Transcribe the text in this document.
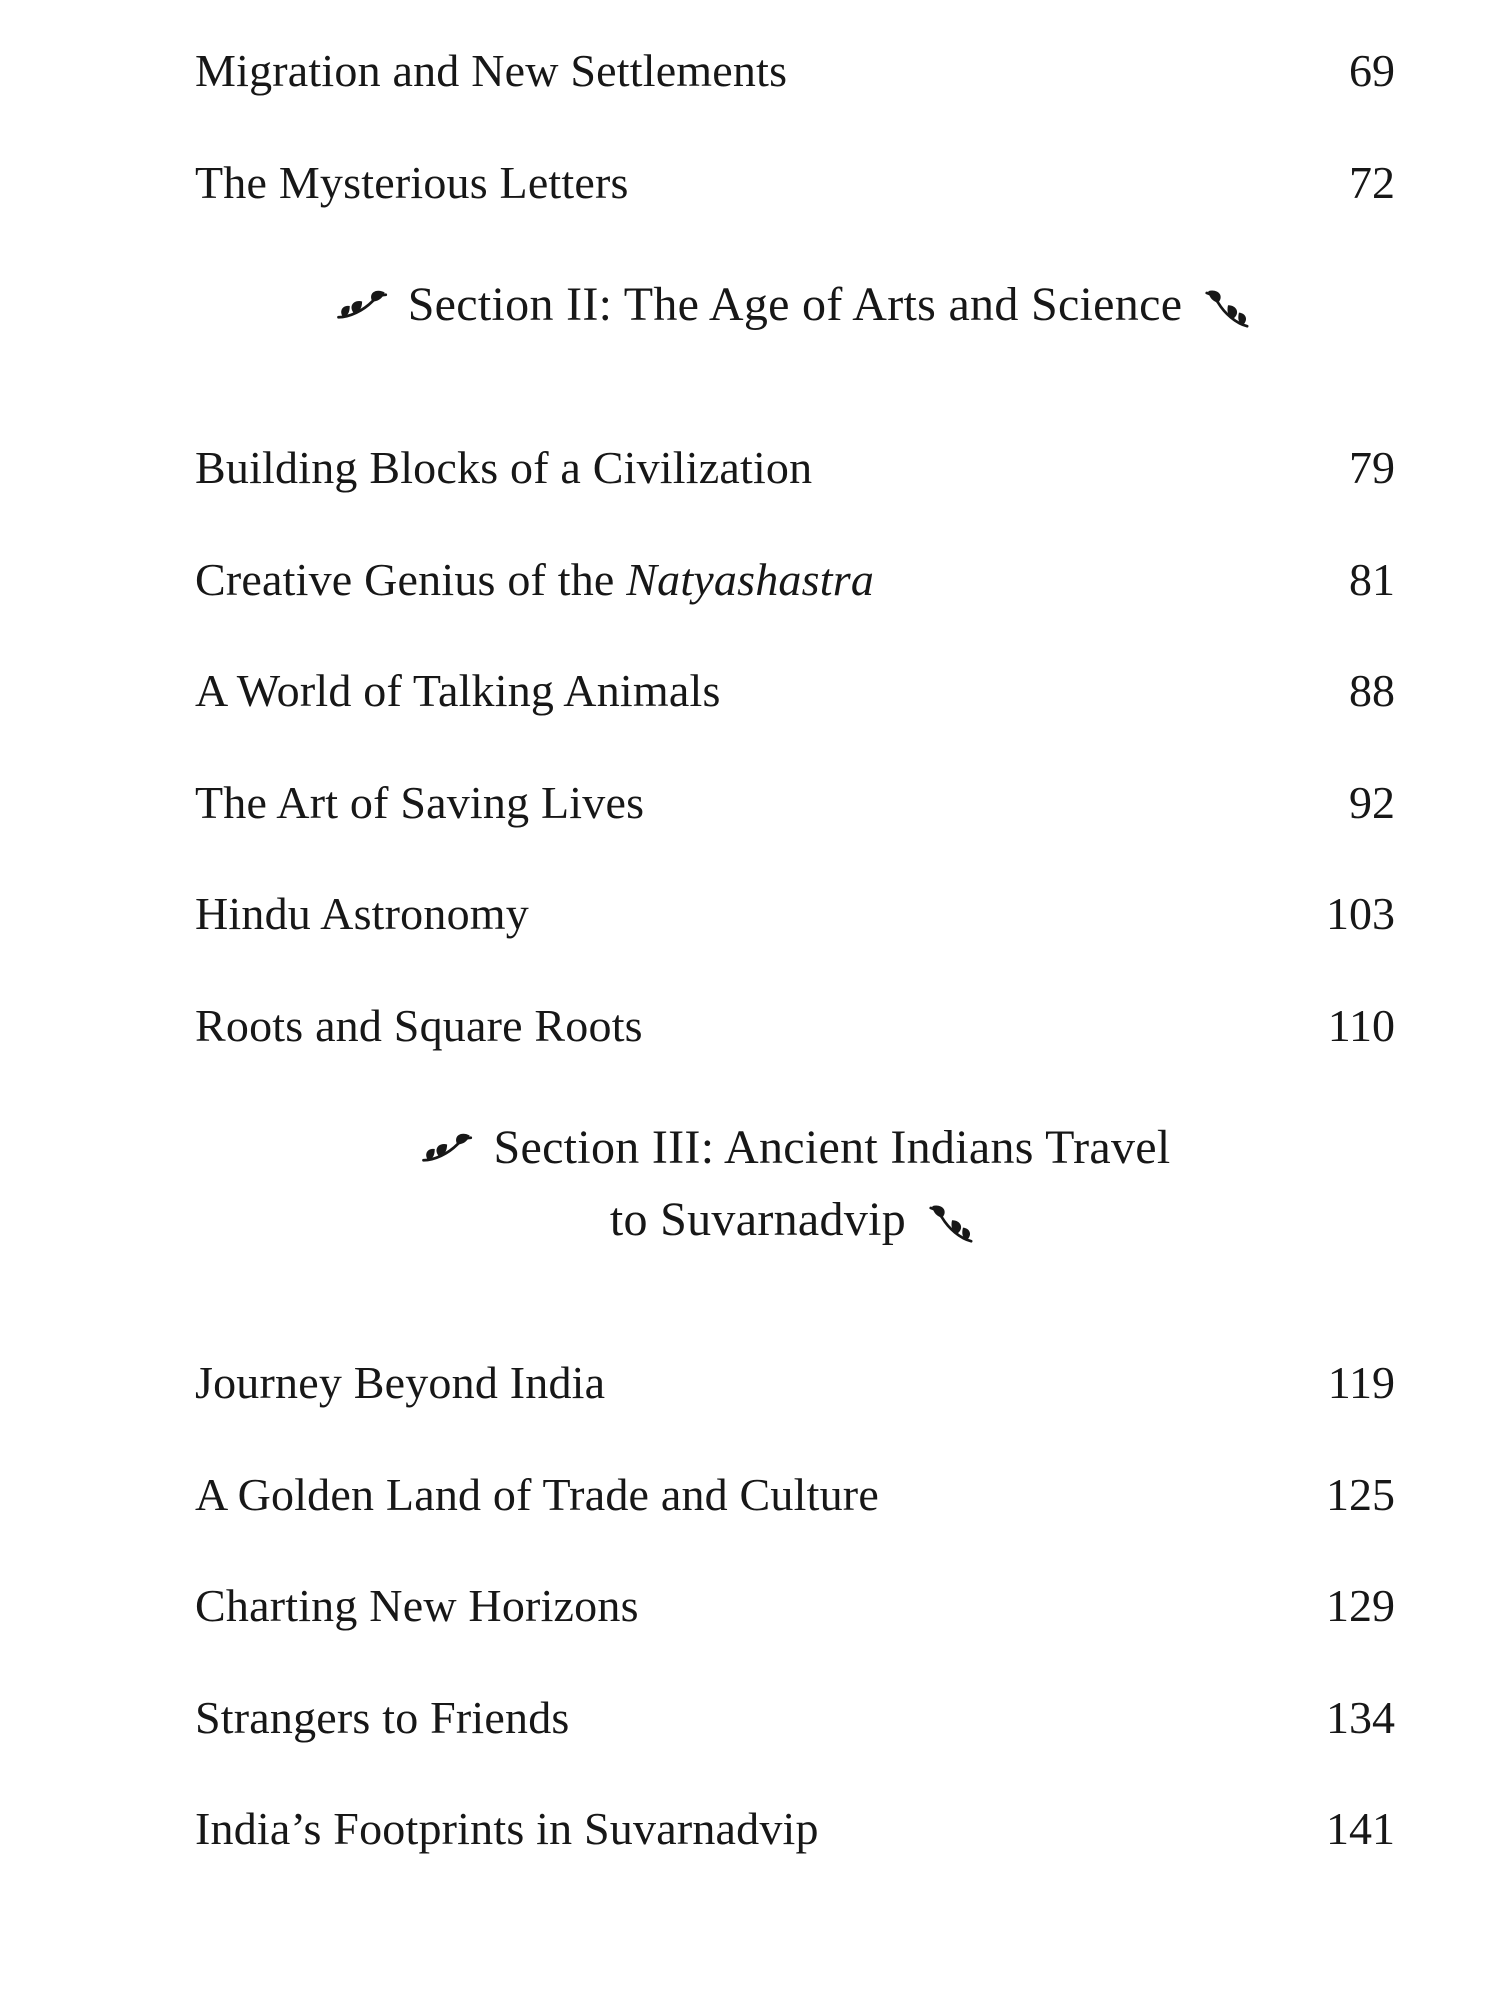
Migration and New Settlements	69
The Mysterious Letters	72
Section II: The Age of Arts and Science
Building Blocks of a Civilization	79
Creative Genius of the Natyashastra	81
A World of Talking Animals	88
The Art of Saving Lives	92
Hindu Astronomy	103
Roots and Square Roots	110
Section III: Ancient Indians Travel
to Suvarnadvip
Journey Beyond India	119
A Golden Land of Trade and Culture	125
Charting New Horizons	129
Strangers to Friends	134
India’s Footprints in Suvarnadvip	141
